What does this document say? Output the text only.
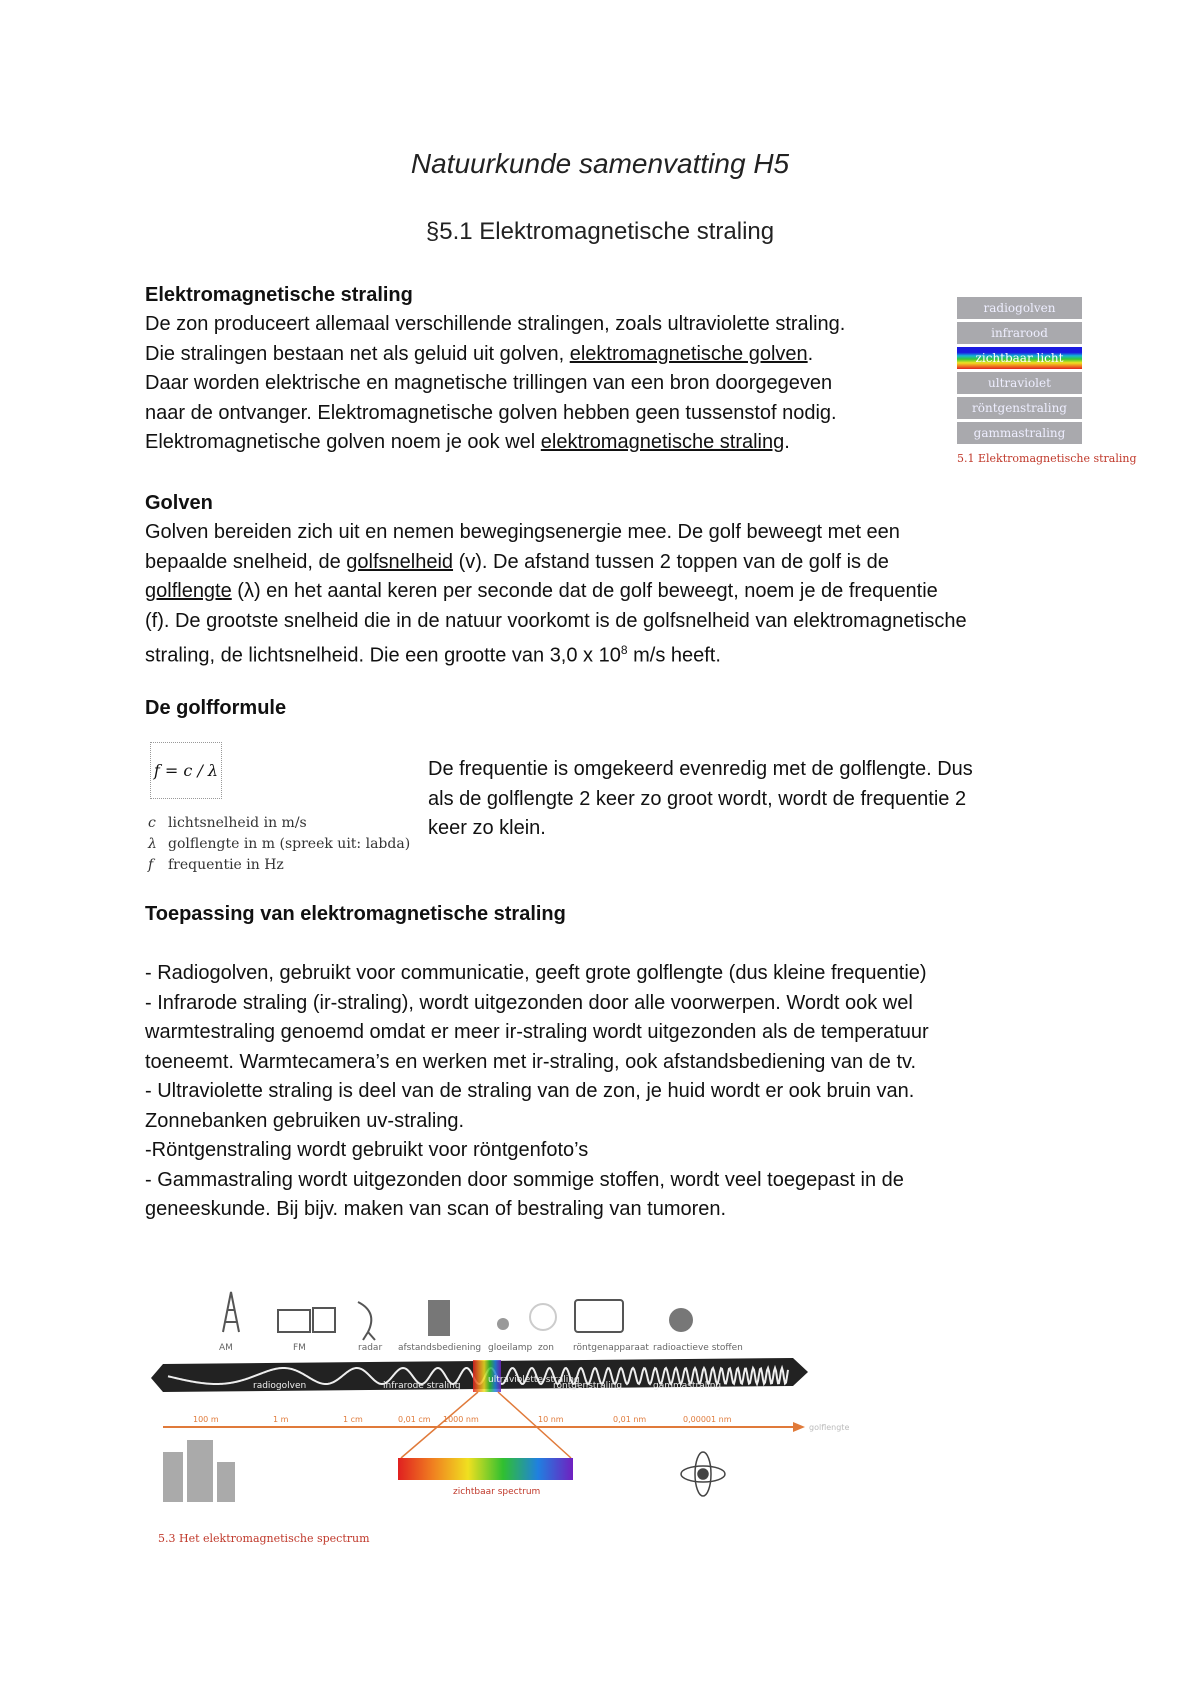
Natuurkunde samenvatting H5
§5.1 Elektromagnetische straling
Elektromagnetische straling

De zon produceert allemaal verschillende stralingen, zoals ultraviolette straling.

Die stralingen bestaan net als geluid uit golven, elektromagnetische golven.

Daar worden elektrische en magnetische trillingen van een bron doorgegeven

naar de ontvanger. Elektromagnetische golven hebben geen tussenstof nodig.

Elektromagnetische golven noem je ook wel elektromagnetische straling.

radiogolven
infrarood
zichtbaar licht
ultraviolet
röntgenstraling
gammastraling
5.1 Elektromagnetische straling
Golven

Golven bereiden zich uit en nemen bewegingsenergie mee. De golf beweegt met een

bepaalde snelheid, de golfsnelheid (v). De afstand tussen 2 toppen van de golf is de

golflengte (λ) en het aantal keren per seconde dat de golf beweegt, noem je de frequentie

(f). De grootste snelheid die in de natuur voorkomt is de golfsnelheid van elektromagnetische

straling, de lichtsnelheid. Die een grootte van 3,0 x $10^8$ m/s heeft.

De golfformule
f = c / λ
c lichtsnelheid in m/s
λ golflengte in m (spreek uit: labda)
f frequentie in Hz

De frequentie is omgekeerd evenredig met de golflengte. Dus

als de golflengte 2 keer zo groot wordt, wordt de frequentie 2

keer zo klein.

Toepassing van elektromagnetische straling

- Radiogolven, gebruikt voor communicatie, geeft grote golflengte (dus kleine frequentie)

- Infrarode straling (ir-straling), wordt uitgezonden door alle voorwerpen. Wordt ook wel

warmtestraling genoemd omdat er meer ir-straling wordt uitgezonden als de temperatuur

toeneemt. Warmtecamera’s en werken met ir-straling, ook afstandsbediening van de tv.

- Ultraviolette straling is deel van de straling van de zon, je huid wordt er ook bruin van.

Zonnebanken gebruiken uv-straling.

-Röntgenstraling wordt gebruikt voor röntgenfoto’s

- Gammastraling wordt uitgezonden door sommige stoffen, wordt veel toegepast in de

geneeskunde. Bij bijv. maken van scan of bestraling van tumoren.

AM	FM	radar afstandsbediening gloeilamp zon röntgenapparaat radioactieve stoffen
radiogolven	infrarode straling
ultraviolette straling
röntgenstraling	gammastraling
100 m	1 m	1 cm	0,01 cm 1000 nm	10 nm	0,01 nm	0,00001 nm
golflengte
zichtbaar spectrum
5.3 Het elektromagnetische spectrum
